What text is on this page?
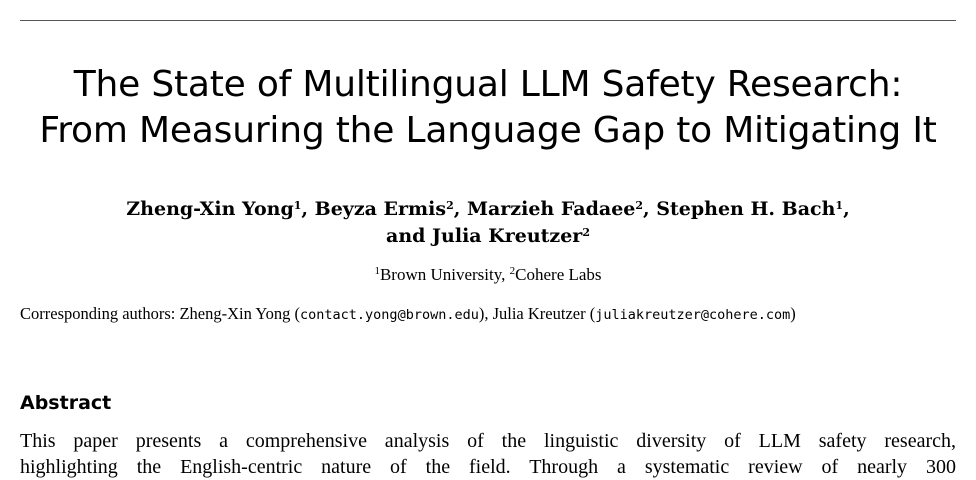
The State of Multilingual LLM Safety Research:
From Measuring the Language Gap to Mitigating It
Zheng-Xin Yong$^1$, Beyza Ermis$^2$, Marzieh Fadaee$^2$, Stephen H. Bach$^1$,
and Julia Kreutzer$^2$
$^1$Brown University, $^2$Cohere Labs
Corresponding authors: Zheng-Xin Yong (contact.yong@brown.edu), Julia Kreutzer (juliakreutzer@cohere.com)
Abstract
This paper presents a comprehensive analysis of the linguistic diversity of LLM safety research,
highlighting the English-centric nature of the field. Through a systematic review of nearly 300
